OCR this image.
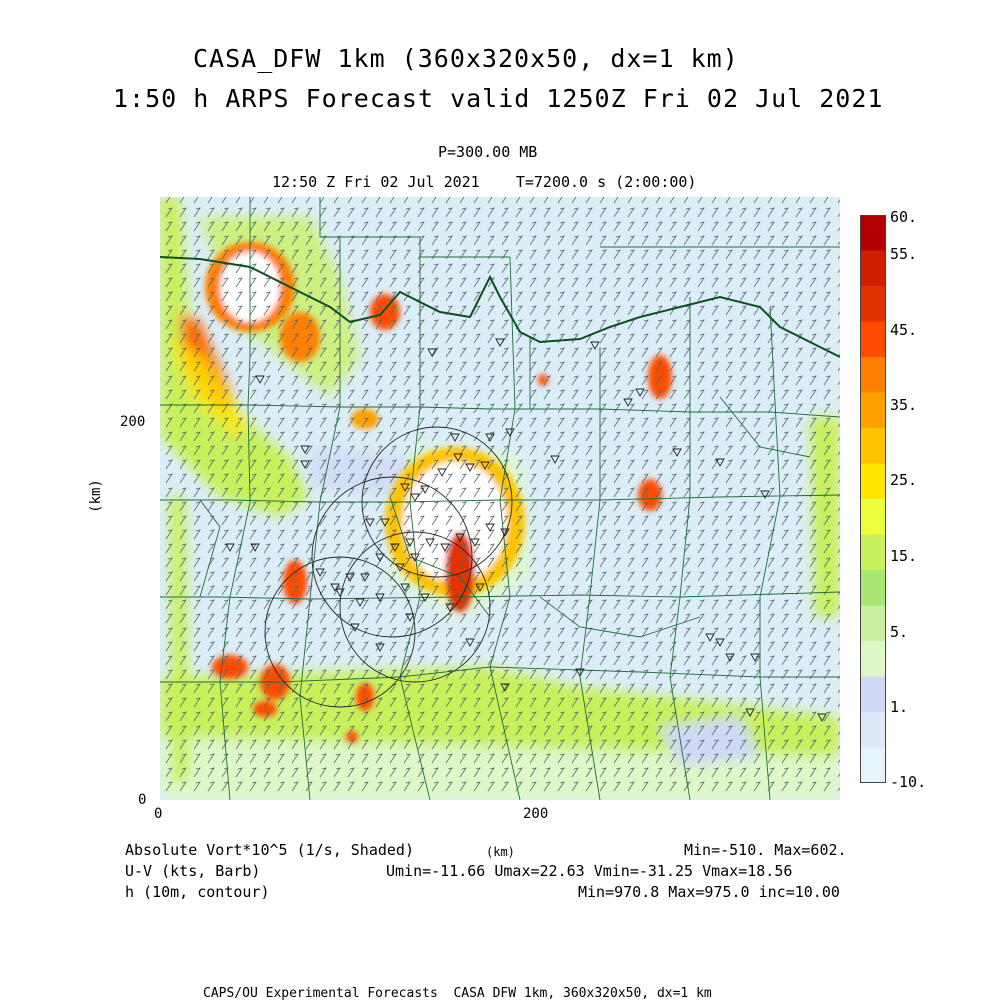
CASA_DFW 1km (360x320x50, dx=1 km)
1:50 h ARPS Forecast valid 1250Z Fri 02 Jul 2021
P=300.00 MB
12:50 Z Fri 02 Jul 2021    T=7200.0 s (2:00:00)
(km)
200
0
0	200
(km)
60.
55.
45.
35.
25.
15.
5.
1.
-10.
Absolute Vort*10^5 (1/s, Shaded)	Min=-510. Max=602.
U-V (kts, Barb)	Umin=-11.66 Umax=22.63 Vmin=-31.25 Vmax=18.56
h (10m, contour)	Min=970.8 Max=975.0 inc=10.00
CAPS/OU Experimental Forecasts  CASA DFW 1km, 360x320x50, dx=1 km
